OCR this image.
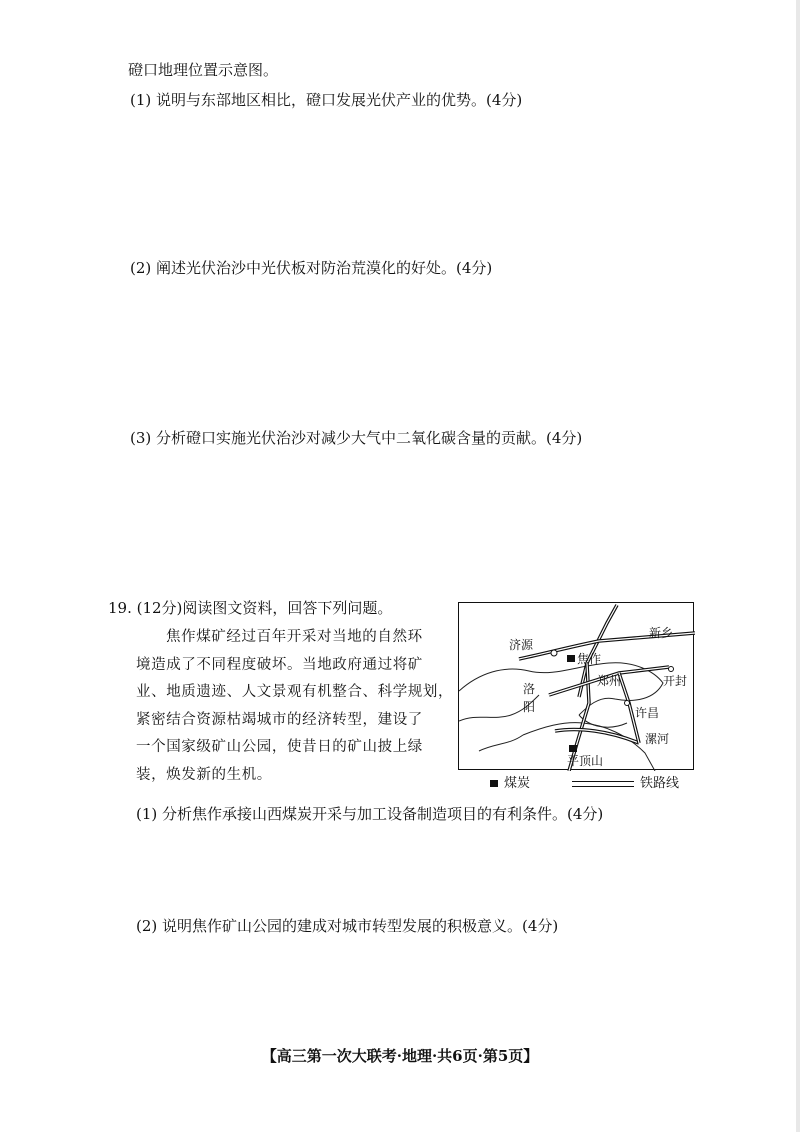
磴口地理位置示意图。
(1) 说明与东部地区相比，磴口发展光伏产业的优势。(4分)
(2) 阐述光伏治沙中光伏板对防治荒漠化的好处。(4分)
(3) 分析磴口实施光伏治沙对减少大气中二氧化碳含量的贡献。(4分)
19. (12分)阅读图文资料，回答下列问题。

焦作煤矿经过百年开采对当地的自然环

境造成了不同程度破坏。当地政府通过将矿

业、地质遗迹、人文景观有机整合、科学规划，

紧密结合资源枯竭城市的经济转型，建设了

一个国家级矿山公园，使昔日的矿山披上绿

装，焕发新的生机。

济源
焦作
新乡
开封
洛
阳
郑州
许昌
平顶山
漯河
煤炭	铁路线
(1) 分析焦作承接山西煤炭开采与加工设备制造项目的有利条件。(4分)
(2) 说明焦作矿山公园的建成对城市转型发展的积极意义。(4分)
【高三第一次大联考·地理·共6页·第5页】
